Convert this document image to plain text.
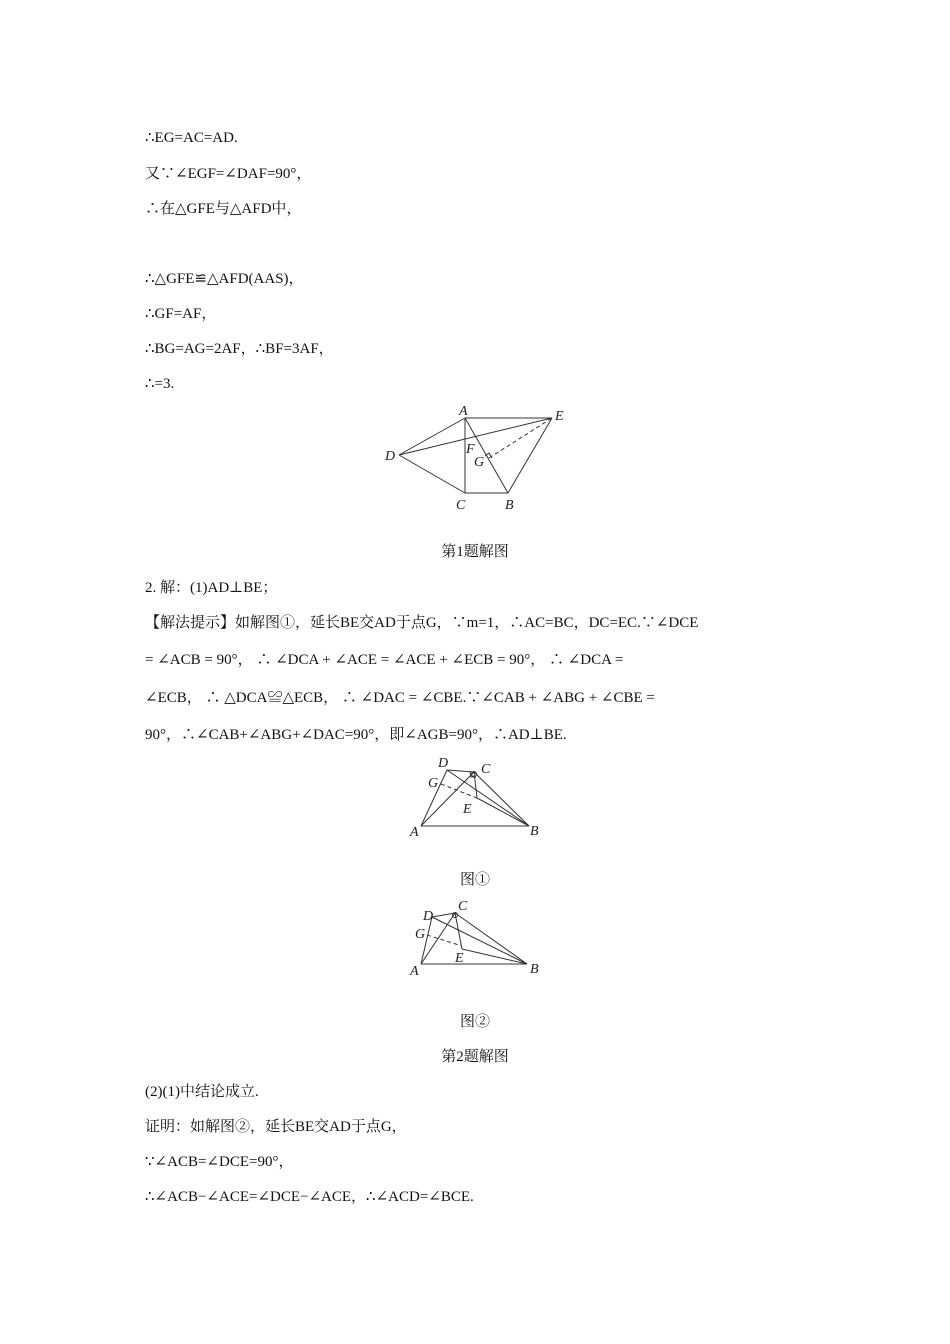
∴EG=AC=AD.
又∵∠EGF=∠DAF=90°，
∴在△GFE与△AFD中，
∴△GFE≌△AFD(AAS)，
∴GF=AF，
∴BG=AG=2AF，∴BF=3AF，
∴=3.
A	E
D	F
G
C	B
D C
G
E
A	B
D
C
G
E
A	B
第1题解图
2. 解：(1)AD⊥BE；
【解法提示】如解图①，延长BE交AD于点G，∵m=1，∴AC=BC，DC=EC.∵∠DCE
= ∠ACB = 90°， ∴ ∠DCA + ∠ACE = ∠ACE + ∠ECB = 90°， ∴ ∠DCA =
∠ECB， ∴ △DCA≌△ECB， ∴ ∠DAC = ∠CBE.∵∠CAB + ∠ABG + ∠CBE =
90°，∴∠CAB+∠ABG+∠DAC=90°，即∠AGB=90°，∴AD⊥BE.
图①
图②
第2题解图
(2)(1)中结论成立.
证明：如解图②，延长BE交AD于点G，
∵∠ACB=∠DCE=90°，
∴∠ACB−∠ACE=∠DCE−∠ACE，∴∠ACD=∠BCE.
